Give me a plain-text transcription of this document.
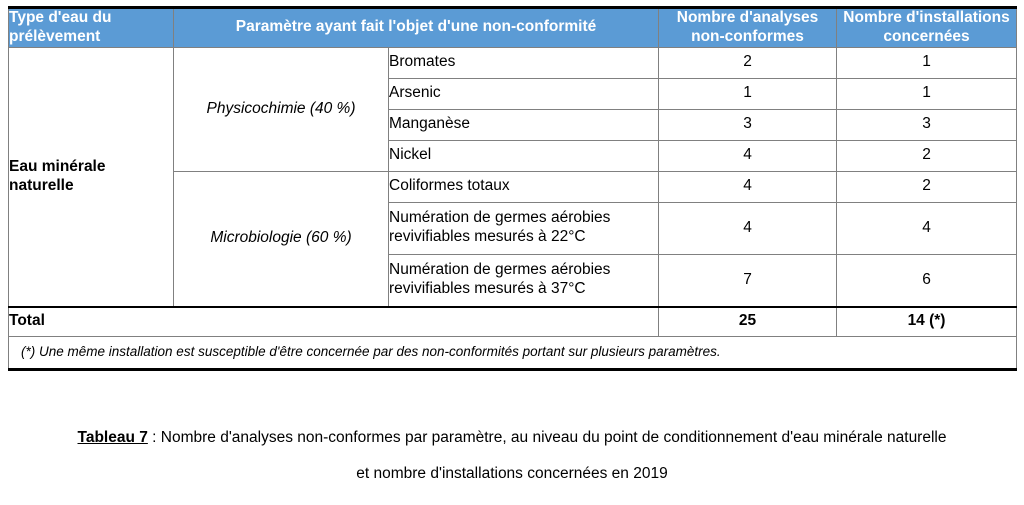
Type d'eau du prélèvement	Paramètre ayant fait l'objet d'une non-conformité		Nombre d'analyses non-conformes	Nombre d'installations concernées
Eau minérale naturelle	Physicochimie (40 %)	Bromates	2	1
		Arsenic	1	1
		Manganèse	3	3
		Nickel	4	2
	Microbiologie (60 %)	Coliformes totaux	4	2
		Numération de germes aérobies revivifiables mesurés à 22°C	4	4
		Numération de germes aérobies revivifiables mesurés à 37°C	7	6
Total			25	14 (*)
(*) Une même installation est susceptible d'être concernée par des non-conformités portant sur plusieurs paramètres.				
Tableau 7 : Nombre d'analyses non-conformes par paramètre, au niveau du point de conditionnement d'eau minérale naturelle
et nombre d'installations concernées en 2019
